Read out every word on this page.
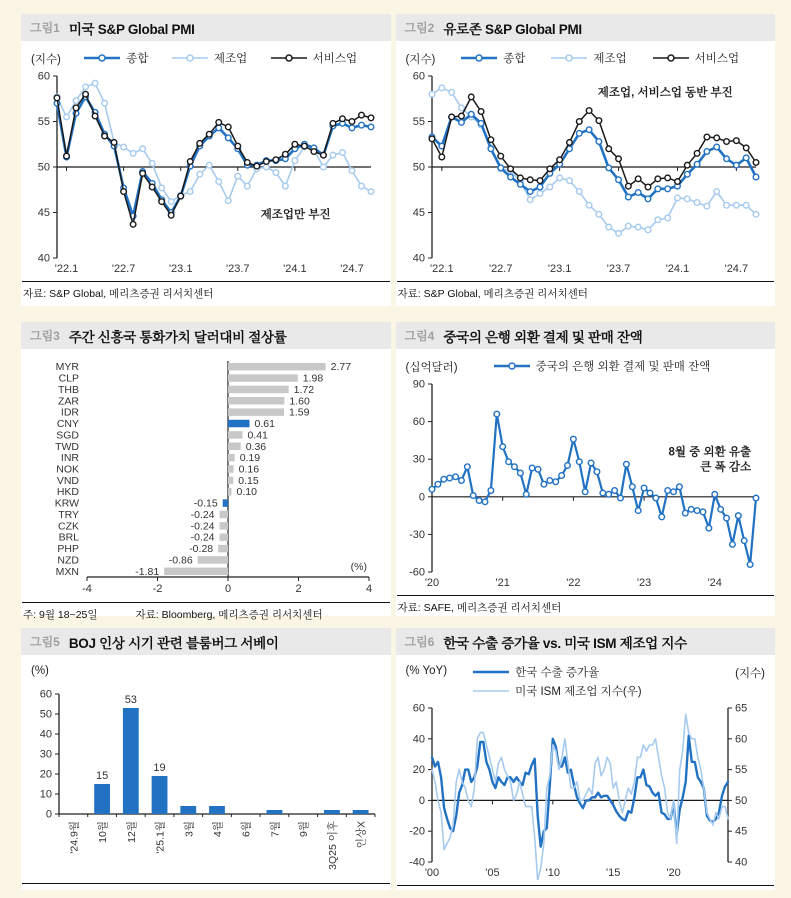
그림1 미국 S&P Global PMI
(지수)	종합	제조업	서비스업
40
45
50
55
60
'22.1	'22.7	'23.1	'23.7	'24.1	'24.7
제조업만 부진
자료: S&P Global, 메리츠증권 리서치센터
그림2 유로존 S&P Global PMI
(지수)	종합	제조업	서비스업
40
45
50
55
60
'22.1	'22.7	'23.1	'23.7	'24.1	'24.7
제조업, 서비스업 동반 부진
자료: S&P Global, 메리츠증권 리서치센터
그림3 주간 신흥국 통화가치 달러대비 절상률
-4	-2	0	2	4
MYR	2.77
CLP	1.98
THB	1.72
ZAR	1.60
IDR	1.59
CNY	0.61
SGD	0.41
TWD	0.36
INR	0.19
NOK	0.16
VND	0.15
HKD	0.10
KRW	-0.15
TRY	-0.24
CZK	-0.24
BRL	-0.24
PHP	-0.28
NZD	-0.86
MXN	-1.81	(%)
주: 9월 18~25일	자료: Bloomberg, 메리츠증권 리서치센터
그림4 중국의 은행 외환 결제 및 판매 잔액
(십억달러)	중국의 은행 외환 결제 및 판매 잔액
-60
-30
0
30
60
90
'20	'21	'22	'23	'24
8월 중 외환 유출
큰 폭 감소
자료: SAFE, 메리츠증권 리서치센터
그림5 BOJ 인상 시기 관련 블룸버그 서베이
(%)
0
10
20
30
40
50
60
'24.9월
15
10월
53
12월
19
'25.1월 3월 4월 6월 7월 9월 3Q25 이후 인상X
그림6 한국 수출 증가율 vs. 미국 ISM 제조업 지수
(% YoY)	한국 수출 증가율
미국 ISM 제조업 지수(우)
(지수)
-40
-20
0
20
40
60
40
45
50
55
60
65
'00	'05	'10	'15	'20
